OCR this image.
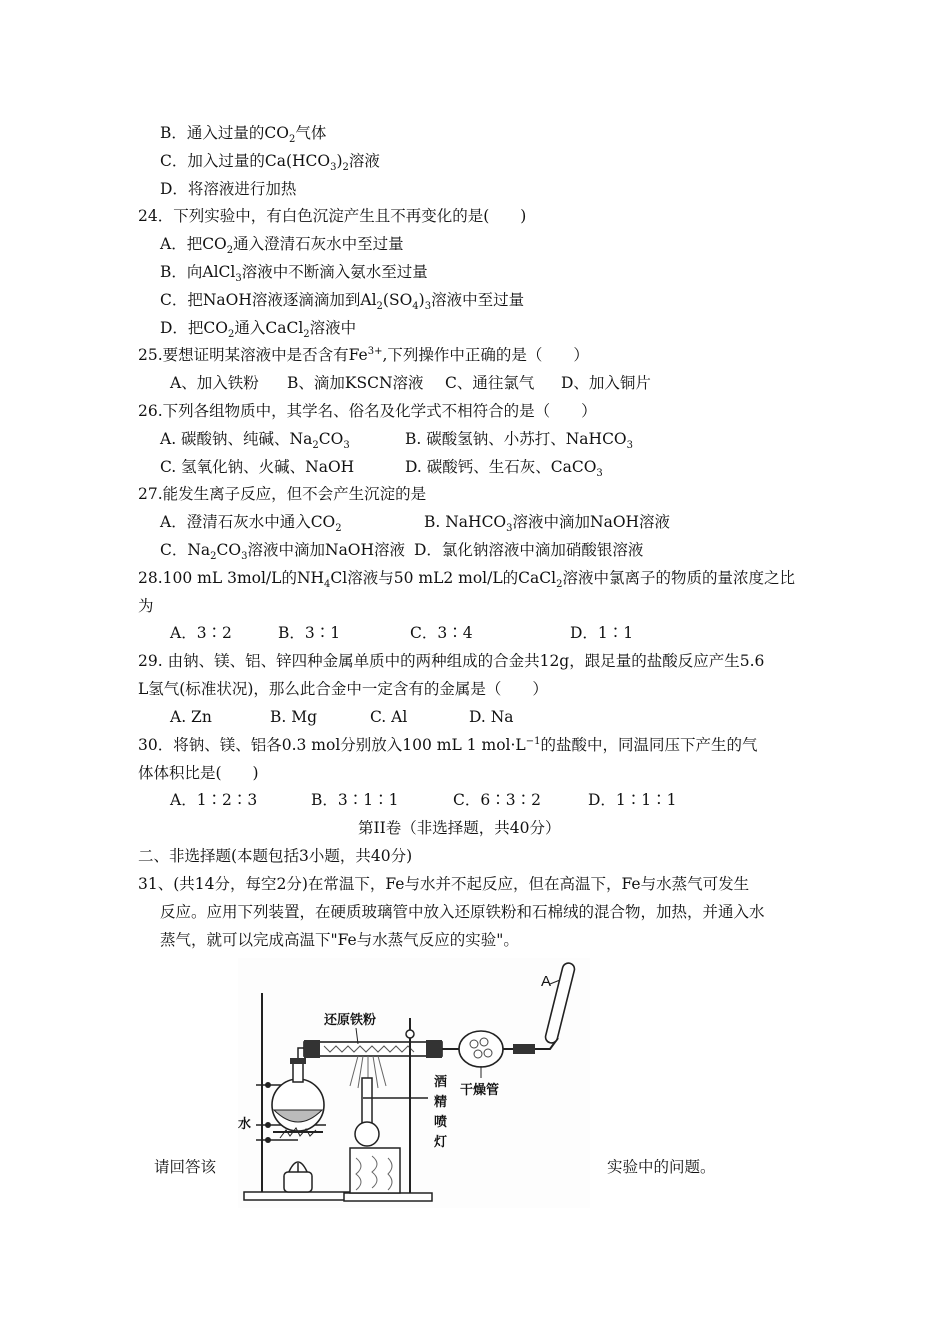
B．通入过量的$CO_2$气体
C．加入过量的$Ca(HCO_3)_2$溶液
D．将溶液进行加热
24．下列实验中，有白色沉淀产生且不再变化的是(　　)
A．把$CO_2$通入澄清石灰水中至过量
B．向AlCl$_3$溶液中不断滴入氨水至过量
C．把NaOH溶液逐滴滴加到$Al_2(SO_4)_3$溶液中至过量
D．把$CO_2$通入CaCl$_2$溶液中
25.要想证明某溶液中是否含有$Fe^{3+}$,下列操作中正确的是（　　）
A、加入铁粉 B、滴加KSCN溶液 C、通往氯气 D、加入铜片
26.下列各组物质中，其学名、俗名及化学式不相符合的是（　　）
A. 碳酸钠、纯碱、$Na_2CO_3$	B. 碳酸氢钠、小苏打、NaHCO$_3$
C. 氢氧化钠、火碱、NaOH	D. 碳酸钙、生石灰、CaCO$_3$
27.能发生离子反应，但不会产生沉淀的是
A．澄清石灰水中通入$CO_2$	B. NaHCO$_3$溶液中滴加NaOH溶液
C．$Na_2CO_3$溶液中滴加NaOH溶液 D．氯化钠溶液中滴加硝酸银溶液
28.100 mL 3mol/L的$NH_4Cl$溶液与50 mL2 mol/L的CaCl$_2$溶液中氯离子的物质的量浓度之比
为
A．3∶2	B．3∶1	C．3∶4	D．1∶1
29. 由钠、镁、铝、锌四种金属单质中的两种组成的合金共12g，跟足量的盐酸反应产生5.6
L氢气(标准状况)，那么此合金中一定含有的金属是（　　）
A. Zn	B. Mg	C. Al	D. Na
30．将钠、镁、铝各0.3 mol分别放入100 mL 1 $mol\cdot L^{-1}$的盐酸中，同温同压下产生的气
体体积比是(　　)
A．1∶2∶3	B．3∶1∶1	C．6∶3∶2	D．1∶1∶1
第II卷（非选择题，共40分）
二、非选择题(本题包括3小题，共40分)
31、(共14分，每空2分)在常温下，Fe与水并不起反应，但在高温下，Fe与水蒸气可发生
反应。应用下列装置，在硬质玻璃管中放入还原铁粉和石棉绒的混合物，加热，并通入水
蒸气，就可以完成高温下"Fe与水蒸气反应的实验"。
A
还原铁粉
干燥管
水
酒
精
喷
灯
请回答该	实验中的问题。
